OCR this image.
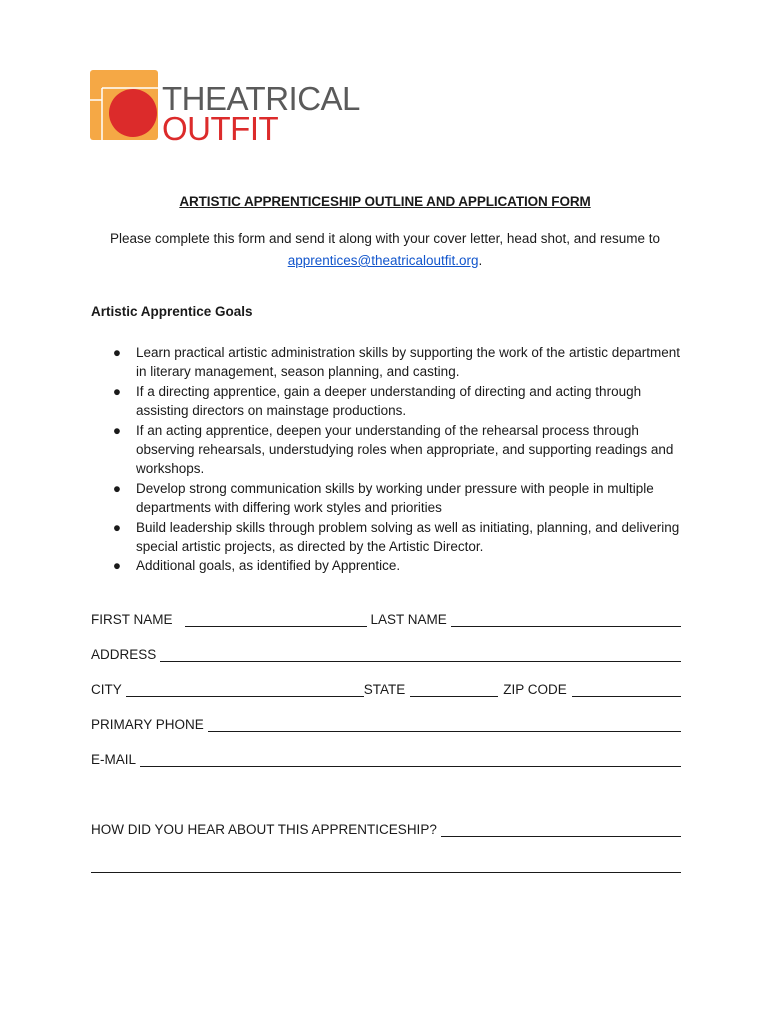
THEATRICAL
OUTFIT
ARTISTIC APPRENTICESHIP OUTLINE AND APPLICATION FORM
Please complete this form and send it along with your cover letter, head shot, and resume to
apprentices@theatricaloutfit.org.
Artistic Apprentice Goals
● Learn practical artistic administration skills by supporting the work of the artistic department in literary management, season planning, and casting.
● If a directing apprentice, gain a deeper understanding of directing and acting through assisting directors on mainstage productions.
● If an acting apprentice, deepen your understanding of the rehearsal process through observing rehearsals, understudying roles when appropriate, and supporting readings and workshops.
● Develop strong communication skills by working under pressure with people in multiple departments with differing work styles and priorities
● Build leadership skills through problem solving as well as initiating, planning, and delivering special artistic projects, as directed by the Artistic Director.
● Additional goals, as identified by Apprentice.
FIRST NAME	LAST NAME
ADDRESS
CITY	STATE	ZIP CODE
PRIMARY PHONE
E-MAIL
HOW DID YOU HEAR ABOUT THIS APPRENTICESHIP?
